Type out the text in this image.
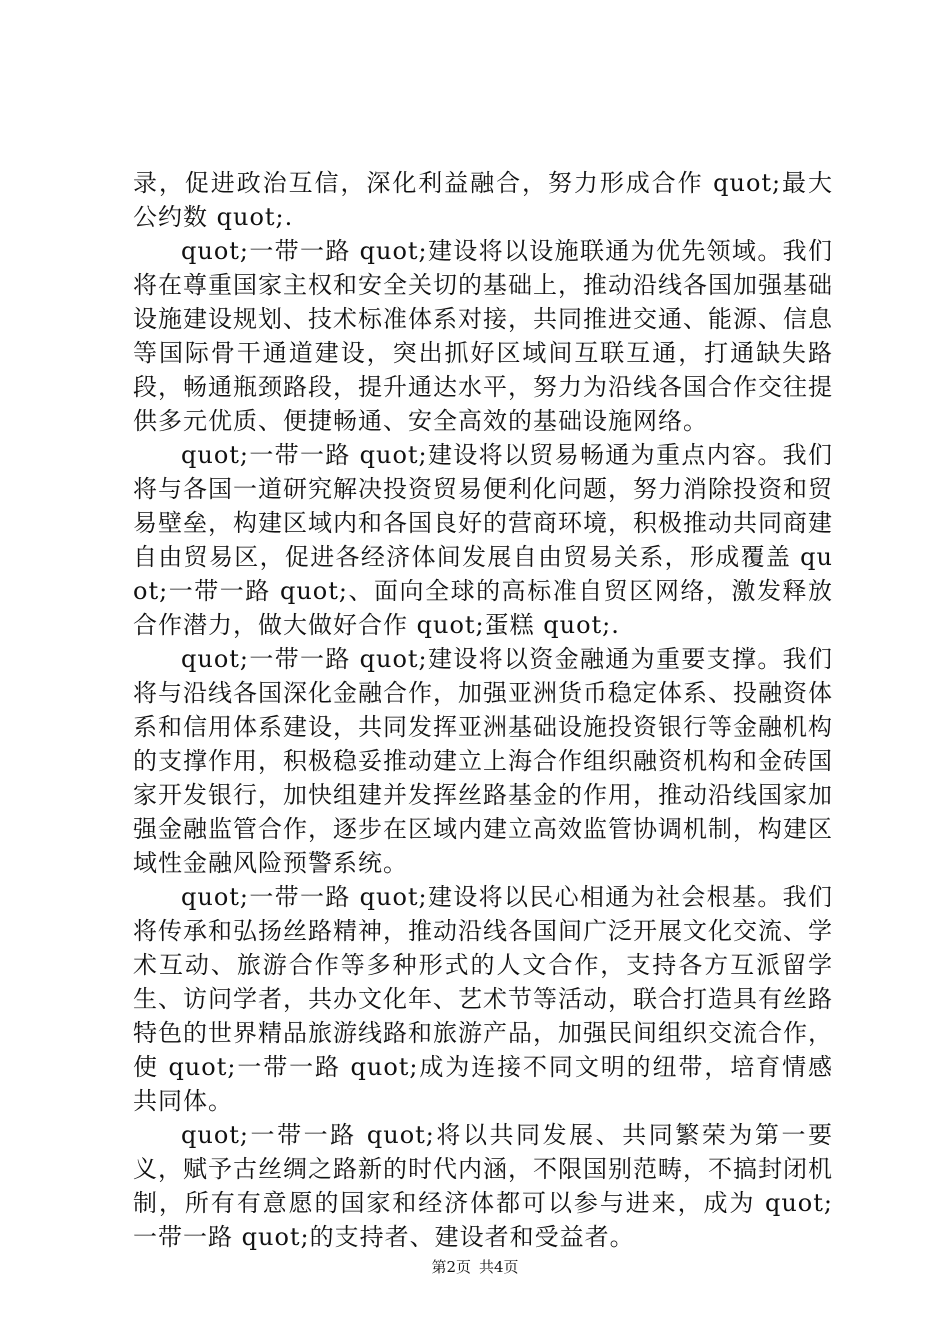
录，促进政治互信，深化利益融合，努力形成合作 quot;最大公约数 quot;.

quot;一带一路 quot;建设将以设施联通为优先领域。我们将在尊重国家主权和安全关切的基础上，推动沿线各国加强基础设施建设规划、技术标准体系对接，共同推进交通、能源、信息等国际骨干通道建设，突出抓好区域间互联互通，打通缺失路段，畅通瓶颈路段，提升通达水平，努力为沿线各国合作交往提供多元优质、便捷畅通、安全高效的基础设施网络。

quot;一带一路 quot;建设将以贸易畅通为重点内容。我们将与各国一道研究解决投资贸易便利化问题，努力消除投资和贸易壁垒，构建区域内和各国良好的营商环境，积极推动共同商建自由贸易区，促进各经济体间发展自由贸易关系，形成覆盖 quot;一带一路 quot;、面向全球的高标准自贸区网络，激发释放合作潜力，做大做好合作 quot;蛋糕 quot;.

quot;一带一路 quot;建设将以资金融通为重要支撑。我们将与沿线各国深化金融合作，加强亚洲货币稳定体系、投融资体系和信用体系建设，共同发挥亚洲基础设施投资银行等金融机构的支撑作用，积极稳妥推动建立上海合作组织融资机构和金砖国家开发银行，加快组建并发挥丝路基金的作用，推动沿线国家加强金融监管合作，逐步在区域内建立高效监管协调机制，构建区域性金融风险预警系统。

quot;一带一路 quot;建设将以民心相通为社会根基。我们将传承和弘扬丝路精神，推动沿线各国间广泛开展文化交流、学术互动、旅游合作等多种形式的人文合作，支持各方互派留学生、访问学者，共办文化年、艺术节等活动，联合打造具有丝路特色的世界精品旅游线路和旅游产品，加强民间组织交流合作，使 quot;一带一路 quot;成为连接不同文明的纽带，培育情感共同体。

quot;一带一路 quot;将以共同发展、共同繁荣为第一要义，赋予古丝绸之路新的时代内涵，不限国别范畴，不搞封闭机制，所有有意愿的国家和经济体都可以参与进来，成为 quot;一带一路 quot;的支持者、建设者和受益者。

第2页 共4页
